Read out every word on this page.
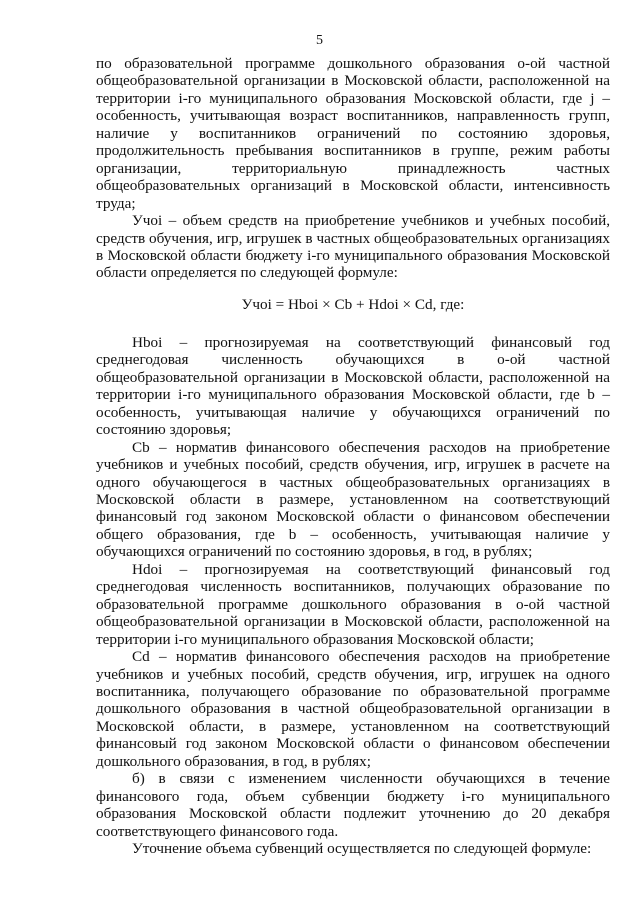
5

по образовательной программе дошкольного образования о-ой частной общеобразовательной организации в Московской области, расположенной на территории i-го муниципального образования Московской области, где j – особенность, учитывающая возраст воспитанников, направленность групп, наличие у воспитанников ограничений по состоянию здоровья, продолжительность пребывания воспитанников в группе, режим работы организации, территориальную принадлежность частных общеобразовательных организаций в Московской области, интенсивность труда;

Учоi – объем средств на приобретение учебников и учебных пособий, средств обучения, игр, игрушек в частных общеобразовательных организациях в Московской области бюджету i-го муниципального образования Московской области определяется по следующей формуле:

Учоi = Hboi × Cb + Hdoi × Cd, где:

Hboi – прогнозируемая на соответствующий финансовый год среднегодовая численность обучающихся в о-ой частной общеобразовательной организации в Московской области, расположенной на территории i-го муниципального образования Московской области, где b – особенность, учитывающая наличие у обучающихся ограничений по состоянию здоровья;

Cb – норматив финансового обеспечения расходов на приобретение учебников и учебных пособий, средств обучения, игр, игрушек в расчете на одного обучающегося в частных общеобразовательных организациях в Московской области в размере, установленном на соответствующий финансовый год законом Московской области о финансовом обеспечении общего образования, где b – особенность, учитывающая наличие у обучающихся ограничений по состоянию здоровья, в год, в рублях;

Hdoi – прогнозируемая на соответствующий финансовый год среднегодовая численность воспитанников, получающих образование по образовательной программе дошкольного образования в о-ой частной общеобразовательной организации в Московской области, расположенной на территории i-го муниципального образования Московской области;

Cd – норматив финансового обеспечения расходов на приобретение учебников и учебных пособий, средств обучения, игр, игрушек на одного воспитанника, получающего образование по образовательной программе дошкольного образования в частной общеобразовательной организации в Московской области, в размере, установленном на соответствующий финансовый год законом Московской области о финансовом обеспечении дошкольного образования, в год, в рублях;

б) в связи с изменением численности обучающихся в течение финансового года, объем субвенции бюджету i-го муниципального образования Московской области подлежит уточнению до 20 декабря соответствующего финансового года.

Уточнение объема субвенций осуществляется по следующей формуле:
